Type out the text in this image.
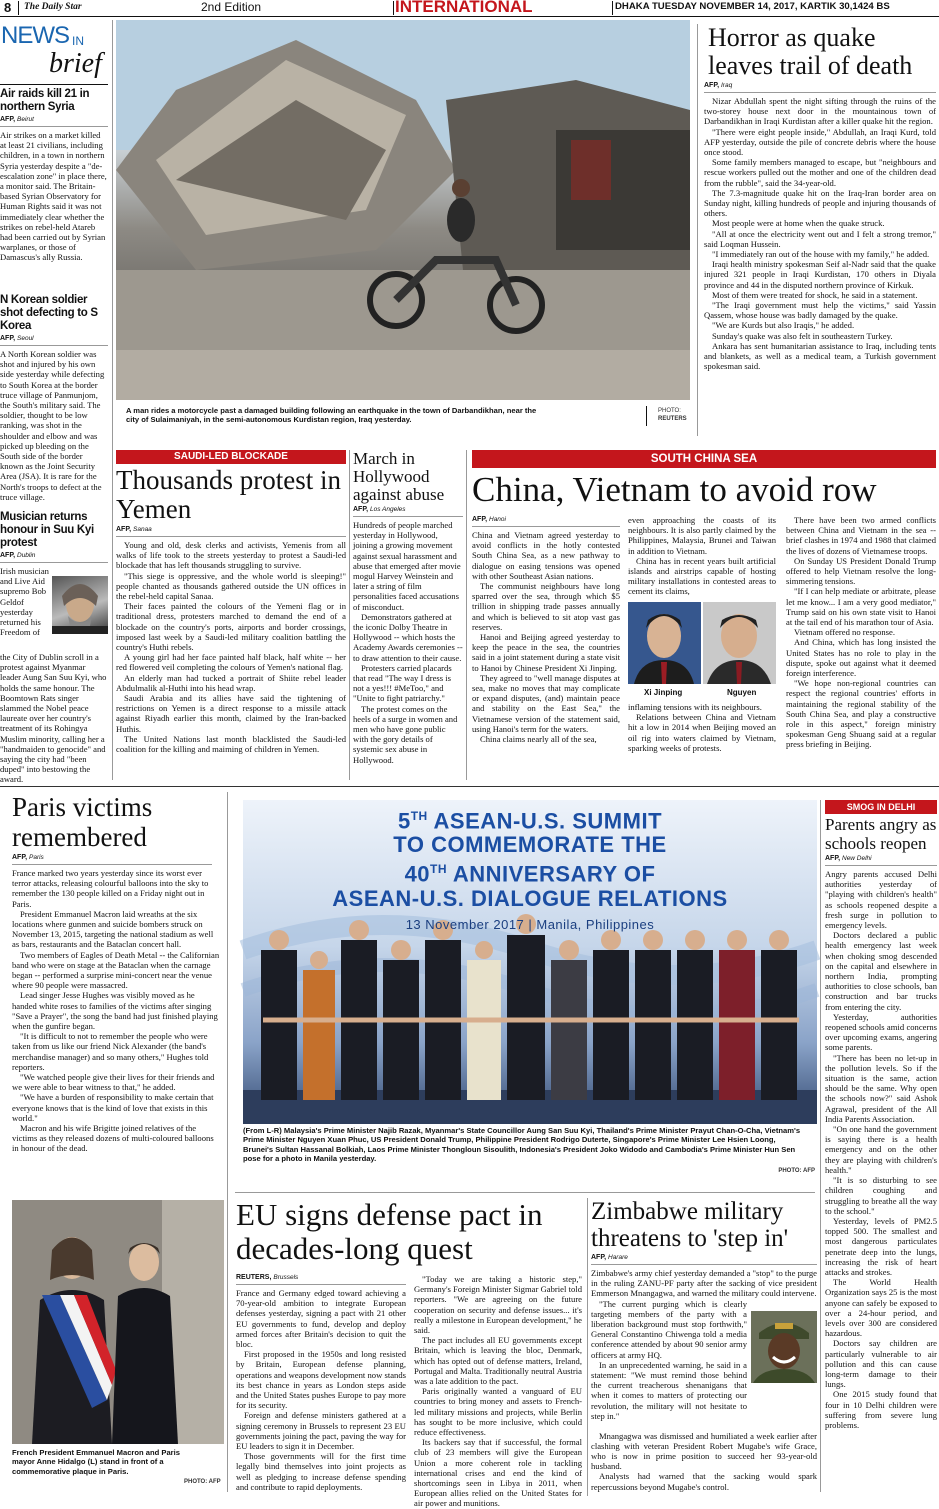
8 The Daily Star	2nd Edition	INTERNATIONAL	DHAKA TUESDAY NOVEMBER 14, 2017, KARTIK 30,1424 BS
NEWS IN
brief
Air raids kill 21 in northern Syria
AFP, Beirut
Air strikes on a market killed at least 21 civilians, including children, in a town in northern Syria yesterday despite a "de-escalation zone" in place there, a monitor said. The Britain-based Syrian Observatory for Human Rights said it was not immediately clear whether the strikes on rebel-held Atareb had been carried out by Syrian warplanes, or those of Damascus's ally Russia.
N Korean soldier shot defecting to S Korea
AFP, Seoul
A North Korean soldier was shot and injured by his own side yesterday while defecting to South Korea at the border truce village of Panmunjom, the South's military said. The soldier, thought to be low ranking, was shot in the shoulder and elbow and was picked up bleeding on the South side of the border known as the Joint Security Area (JSA). It is rare for the North's troops to defect at the truce village.
Musician returns honour in Suu Kyi protest
AFP, Dublin
Irish musician and Live Aid supremo Bob Geldof yesterday returned his Freedom of
the City of Dublin scroll in a protest against Myanmar leader Aung San Suu Kyi, who holds the same honour. The Boomtown Rats singer slammed the Nobel peace laureate over her country's treatment of its Rohingya Muslim minority, calling her a "handmaiden to genocide" and saying the city had "been duped" into bestowing the award.
A man rides a motorcycle past a damaged building following an earthquake in the town of Darbandikhan, near the city of Sulaimaniyah, in the semi-autonomous Kurdistan region, Iraq yesterday.
PHOTO:
REUTERS
Horror as quake leaves trail of death
AFP, Iraq

Nizar Abdullah spent the night sifting through the ruins of the two-storey house next door in the mountainous town of Darbandikhan in Iraqi Kurdistan after a killer quake hit the region.

"There were eight people inside," Abdullah, an Iraqi Kurd, told AFP yesterday, outside the pile of concrete debris where the house once stood.

Some family members managed to escape, but "neighbours and rescue workers pulled out the mother and one of the children dead from the rubble", said the 34-year-old.

The 7.3-magnitude quake hit on the Iraq-Iran border area on Sunday night, killing hundreds of people and injuring thousands of others.

Most people were at home when the quake struck.

"All at once the electricity went out and I felt a strong tremor," said Loqman Hussein.

"I immediately ran out of the house with my family," he added.

Iraqi health ministry spokesman Seif al-Nadr said that the quake injured 321 people in Iraqi Kurdistan, 170 others in Diyala province and 44 in the disputed northern province of Kirkuk.

Most of them were treated for shock, he said in a statement.

"The Iraqi government must help the victims," said Yassin Qassem, whose house was badly damaged by the quake.

"We are Kurds but also Iraqis," he added.

Sunday's quake was also felt in southeastern Turkey.

Ankara has sent humanitarian assistance to Iraq, including tents and blankets, as well as a medical team, a Turkish government spokesman said.

SAUDI-LED BLOCKADE
Thousands protest in Yemen
AFP, Sanaa

Young and old, desk clerks and activists, Yemenis from all walks of life took to the streets yesterday to protest a Saudi-led blockade that has left thousands struggling to survive.

"This siege is oppressive, and the whole world is sleeping!" people chanted as thousands gathered outside the UN offices in the rebel-held capital Sanaa.

Their faces painted the colours of the Yemeni flag or in traditional dress, protesters marched to demand the end of a blockade on the country's ports, airports and border crossings, imposed last week by a Saudi-led military coalition battling the country's Huthi rebels.

A young girl had her face painted half black, half white -- her red flowered veil completing the colours of Yemen's national flag.

An elderly man had tucked a portrait of Shiite rebel leader Abdulmalik al-Huthi into his head wrap.

Saudi Arabia and its allies have said the tightening of restrictions on Yemen is a direct response to a missile attack against Riyadh earlier this month, claimed by the Iran-backed Huthis.

The United Nations last month blacklisted the Saudi-led coalition for the killing and maiming of children in Yemen.

March in Hollywood against abuse
AFP, Los Angeles

Hundreds of people marched yesterday in Hollywood, joining a growing movement against sexual harassment and abuse that emerged after movie mogul Harvey Weinstein and later a string of film personalities faced accusations of misconduct.

Demonstrators gathered at the iconic Dolby Theatre in Hollywood -- which hosts the Academy Awards ceremonies -- to draw attention to their cause.

Protesters carried placards that read "The way I dress is not a yes!!! #MeToo," and "Unite to fight patriarchy."

The protest comes on the heels of a surge in women and men who have gone public with the gory details of systemic sex abuse in Hollywood.

SOUTH CHINA SEA
China, Vietnam to avoid row
AFP, Hanoi

China and Vietnam agreed yesterday to avoid conflicts in the hotly contested South China Sea, as a new pathway to dialogue on easing tensions was opened with other Southeast Asian nations.

The communist neighbours have long sparred over the sea, through which $5 trillion in shipping trade passes annually and which is believed to sit atop vast gas reserves.

Hanoi and Beijing agreed yesterday to keep the peace in the sea, the countries said in a joint statement during a state visit to Hanoi by Chinese President Xi Jinping.

They agreed to "well manage disputes at sea, make no moves that may complicate or expand disputes, (and) maintain peace and stability on the East Sea," the Vietnamese version of the statement said, using Hanoi's term for the waters.

China claims nearly all of the sea,

even approaching the coasts of its neighbours. It is also partly claimed by the Philippines, Malaysia, Brunei and Taiwan in addition to Vietnam.

China has in recent years built artificial islands and airstrips capable of hosting military installations in contested areas to cement its claims,

Xi Jinping	Nguyen

inflaming tensions with its neighbours.

Relations between China and Vietnam hit a low in 2014 when Beijing moved an oil rig into waters claimed by Vietnam, sparking weeks of protests.

There have been two armed conflicts between China and Vietnam in the sea -- brief clashes in 1974 and 1988 that claimed the lives of dozens of Vietnamese troops.

On Sunday US President Donald Trump offered to help Vietnam resolve the long-simmering tensions.

"If I can help mediate or arbitrate, please let me know... I am a very good mediator," Trump said on his own state visit to Hanoi at the tail end of his marathon tour of Asia.

Vietnam offered no response.

And China, which has long insisted the United States has no role to play in the dispute, spoke out against what it deemed foreign interference.

"We hope non-regional countries can respect the regional countries' efforts in maintaining the regional stability of the South China Sea, and play a constructive role in this aspect," foreign ministry spokesman Geng Shuang said at a regular press briefing in Beijing.

Paris victims remembered
AFP, Paris

France marked two years yesterday since its worst ever terror attacks, releasing colourful balloons into the sky to remember the 130 people killed on a Friday night out in Paris.

President Emmanuel Macron laid wreaths at the six locations where gunmen and suicide bombers struck on November 13, 2015, targeting the national stadium as well as bars, restaurants and the Bataclan concert hall.

Two members of Eagles of Death Metal -- the Californian band who were on stage at the Bataclan when the carnage began -- performed a surprise mini-concert near the venue where 90 people were massacred.

Lead singer Jesse Hughes was visibly moved as he handed white roses to families of the victims after singing "Save a Prayer", the song the band had just finished playing when the gunfire began.

"It is difficult to not to remember the people who were taken from us like our friend Nick Alexander (the band's merchandise manager) and so many others," Hughes told reporters.

"We watched people give their lives for their friends and we were able to bear witness to that," he added.

"We have a burden of responsibility to make certain that everyone knows that is the kind of love that exists in this world."

Macron and his wife Brigitte joined relatives of the victims as they released dozens of multi-coloured balloons in honour of the dead.

French President Emmanuel Macron and Paris mayor Anne Hidalgo (L) stand in front of a commemorative plaque in Paris.
PHOTO: AFP
5TH ASEAN-U.S. SUMMIT
TO COMMEMORATE THE
40TH ANNIVERSARY OF
ASEAN-U.S. DIALOGUE RELATIONS
13 November 2017 | Manila, Philippines
(From L-R) Malaysia's Prime Minister Najib Razak, Myanmar's State Councillor Aung San Suu Kyi, Thailand's Prime Minister Prayut Chan-O-Cha, Vietnam's Prime Minister Nguyen Xuan Phuc, US President Donald Trump, Philippine President Rodrigo Duterte, Singapore's Prime Minister Lee Hsien Loong, Brunei's Sultan Hassanal Bolkiah, Laos Prime Minister Thongloun Sisoulith, Indonesia's President Joko Widodo and Cambodia's Prime Minister Hun Sen pose for a photo in Manila yesterday.
PHOTO: AFP
SMOG IN DELHI
Parents angry as schools reopen
AFP, New Delhi

Angry parents accused Delhi authorities yesterday of "playing with children's health" as schools reopened despite a fresh surge in pollution to emergency levels.

Doctors declared a public health emergency last week when choking smog descended on the capital and elsewhere in northern India, prompting authorities to close schools, ban construction and bar trucks from entering the city.

Yesterday, authorities reopened schools amid concerns over upcoming exams, angering some parents.

"There has been no let-up in the pollution levels. So if the situation is the same, action should be the same. Why open the schools now?" said Ashok Agrawal, president of the All India Parents Association.

"On one hand the government is saying there is a health emergency and on the other they are playing with children's health."

"It is so disturbing to see children coughing and struggling to breathe all the way to the school."

Yesterday, levels of PM2.5 topped 500. The smallest and most dangerous particulates penetrate deep into the lungs, increasing the risk of heart attacks and strokes.

The World Health Organization says 25 is the most anyone can safely be exposed to over a 24-hour period, and levels over 300 are considered hazardous.

Doctors say children are particularly vulnerable to air pollution and this can cause long-term damage to their lungs.

One 2015 study found that four in 10 Delhi children were suffering from severe lung problems.

EU signs defense pact in decades-long quest
REUTERS, Brussels

France and Germany edged toward achieving a 70-year-old ambition to integrate European defenses yesterday, signing a pact with 21 other EU governments to fund, develop and deploy armed forces after Britain's decision to quit the bloc.

First proposed in the 1950s and long resisted by Britain, European defense planning, operations and weapons development now stands its best chance in years as London steps aside and the United States pushes Europe to pay more for its security.

Foreign and defense ministers gathered at a signing ceremony in Brussels to represent 23 EU governments joining the pact, paving the way for EU leaders to sign it in December.

Those governments will for the first time legally bind themselves into joint projects as well as pledging to increase defense spending and contribute to rapid deployments.

"Today we are taking a historic step," Germany's Foreign Minister Sigmar Gabriel told reporters. "We are agreeing on the future cooperation on security and defense issues... it's really a milestone in European development," he said.

The pact includes all EU governments except Britain, which is leaving the bloc, Denmark, which has opted out of defense matters, Ireland, Portugal and Malta. Traditionally neutral Austria was a late addition to the pact.

Paris originally wanted a vanguard of EU countries to bring money and assets to French-led military missions and projects, while Berlin has sought to be more inclusive, which could reduce effectiveness.

Its backers say that if successful, the formal club of 23 members will give the European Union a more coherent role in tackling international crises and end the kind of shortcomings seen in Libya in 2011, when European allies relied on the United States for air power and munitions.

Zimbabwe military threatens to 'step in'
AFP, Harare
Zimbabwe's army chief yesterday demanded a "stop" to the purge in the ruling ZANU-PF party after the sacking of vice president Emmerson Mnangagwa, and warned the military could intervene.

"The current purging which is clearly targeting members of the party with a liberation background must stop forthwith," General Constantino Chiwenga told a media conference attended by about 90 senior army officers at army HQ.

In an unprecedented warning, he said in a statement: "We must remind those behind the current treacherous shenanigans that when it comes to matters of protecting our revolution, the military will not hesitate to step in."

Mnangagwa was dismissed and humiliated a week earlier after clashing with veteran President Robert Mugabe's wife Grace, who is now in prime position to succeed her 93-year-old husband.

Analysts had warned that the sacking would spark repercussions beyond Mugabe's control.
